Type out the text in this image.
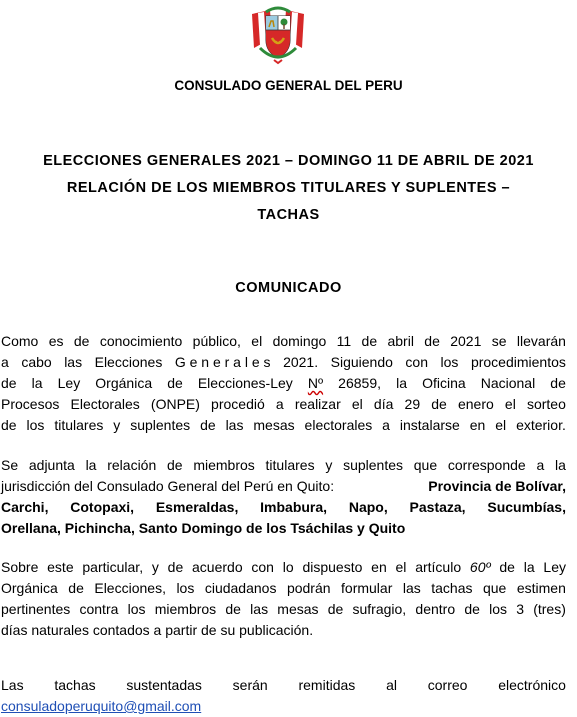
CONSULADO GENERAL DEL PERU
ELECCIONES GENERALES 2021 – DOMINGO 11 DE ABRIL DE 2021
RELACIÓN DE LOS MIEMBROS TITULARES Y SUPLENTES –
TACHAS
COMUNICADO
Como es de conocimiento público, el domingo 11 de abril de 2021 se llevarán
a cabo las Elecciones G e n e r a l e s 2021. Siguiendo con los procedimientos
de la Ley Orgánica de Elecciones-Ley Nº 26859, la Oficina Nacional de
Procesos Electorales (ONPE) procedió a realizar el día 29 de enero el sorteo
de los titulares y suplentes de las mesas electorales a instalarse en el exterior.
Se adjunta la relación de miembros titulares y suplentes que corresponde a la
jurisdicción del Consulado General del Perú en Quito:	Provincia de Bolívar,
Carchi, Cotopaxi, Esmeraldas, Imbabura, Napo, Pastaza, Sucumbías,
Orellana, Pichincha, Santo Domingo de los Tsáchilas y Quito
Sobre este particular, y de acuerdo con lo dispuesto en el artículo 60º de la Ley
Orgánica de Elecciones, los ciudadanos podrán formular las tachas que estimen
pertinentes contra los miembros de las mesas de sufragio, dentro de los 3 (tres)
días naturales contados a partir de su publicación.
Las tachas sustentadas serán remitidas al correo electrónico
consuladoperuquito@gmail.com
